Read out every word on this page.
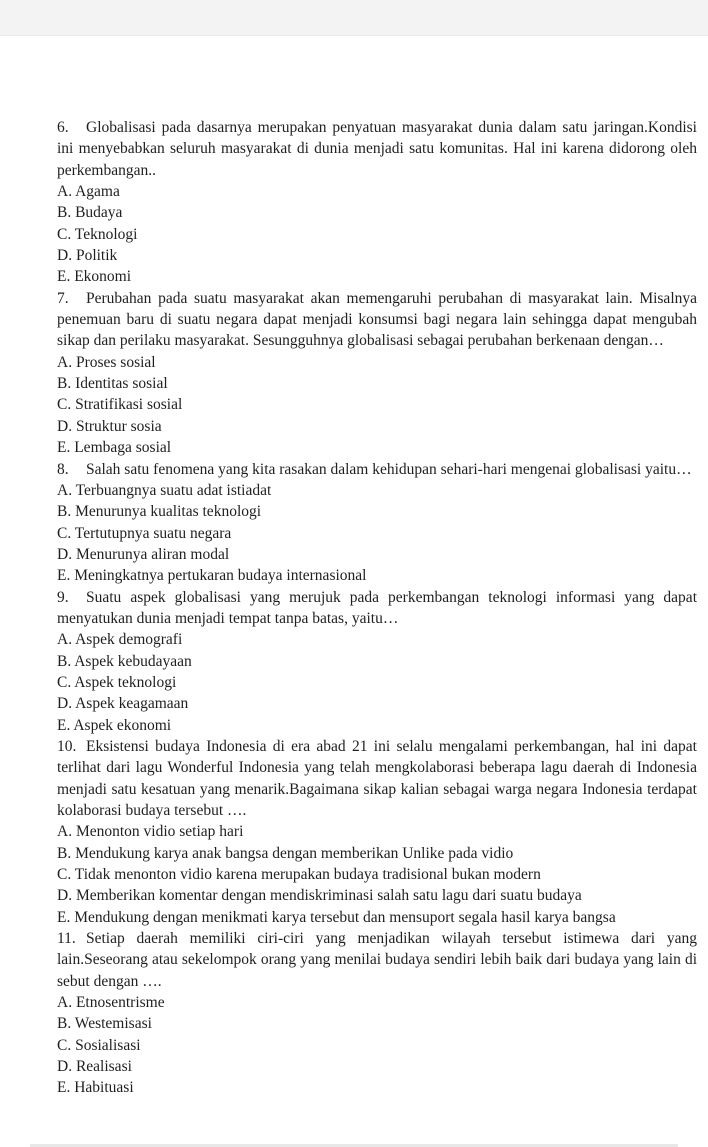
6. Globalisasi pada dasarnya merupakan penyatuan masyarakat dunia dalam satu jaringan.Kondisi ini menyebabkan seluruh masyarakat di dunia menjadi satu komunitas. Hal ini karena didorong oleh perkembangan..

A. Agama
B. Budaya
C. Teknologi
D. Politik
E. Ekonomi

7. Perubahan pada suatu masyarakat akan memengaruhi perubahan di masyarakat lain. Misalnya penemuan baru di suatu negara dapat menjadi konsumsi bagi negara lain sehingga dapat mengubah sikap dan perilaku masyarakat. Sesungguhnya globalisasi sebagai perubahan berkenaan dengan…

A. Proses sosial
B. Identitas sosial
C. Stratifikasi sosial
D. Struktur sosia
E. Lembaga sosial

8. Salah satu fenomena yang kita rasakan dalam kehidupan sehari-hari mengenai globalisasi yaitu…

A. Terbuangnya suatu adat istiadat
B. Menurunya kualitas teknologi
C. Tertutupnya suatu negara
D. Menurunya aliran modal
E. Meningkatnya pertukaran budaya internasional

9. Suatu aspek globalisasi yang merujuk pada perkembangan teknologi informasi yang dapat menyatukan dunia menjadi tempat tanpa batas, yaitu…

A. Aspek demografi
B. Aspek kebudayaan
C. Aspek teknologi
D. Aspek keagamaan
E. Aspek ekonomi

10. Eksistensi budaya Indonesia di era abad 21 ini selalu mengalami perkembangan, hal ini dapat terlihat dari lagu Wonderful Indonesia yang telah mengkolaborasi beberapa lagu daerah di Indonesia menjadi satu kesatuan yang menarik.Bagaimana sikap kalian sebagai warga negara Indonesia terdapat kolaborasi budaya tersebut ….

A. Menonton vidio setiap hari
B. Mendukung karya anak bangsa dengan memberikan Unlike pada vidio
C. Tidak menonton vidio karena merupakan budaya tradisional bukan modern
D. Memberikan komentar dengan mendiskriminasi salah satu lagu dari suatu budaya
E. Mendukung dengan menikmati karya tersebut dan mensuport segala hasil karya bangsa

11. Setiap daerah memiliki ciri-ciri yang menjadikan wilayah tersebut istimewa dari yang lain.Seseorang atau sekelompok orang yang menilai budaya sendiri lebih baik dari budaya yang lain di sebut dengan ….

A. Etnosentrisme
B. Westemisasi
C. Sosialisasi
D. Realisasi
E. Habituasi
